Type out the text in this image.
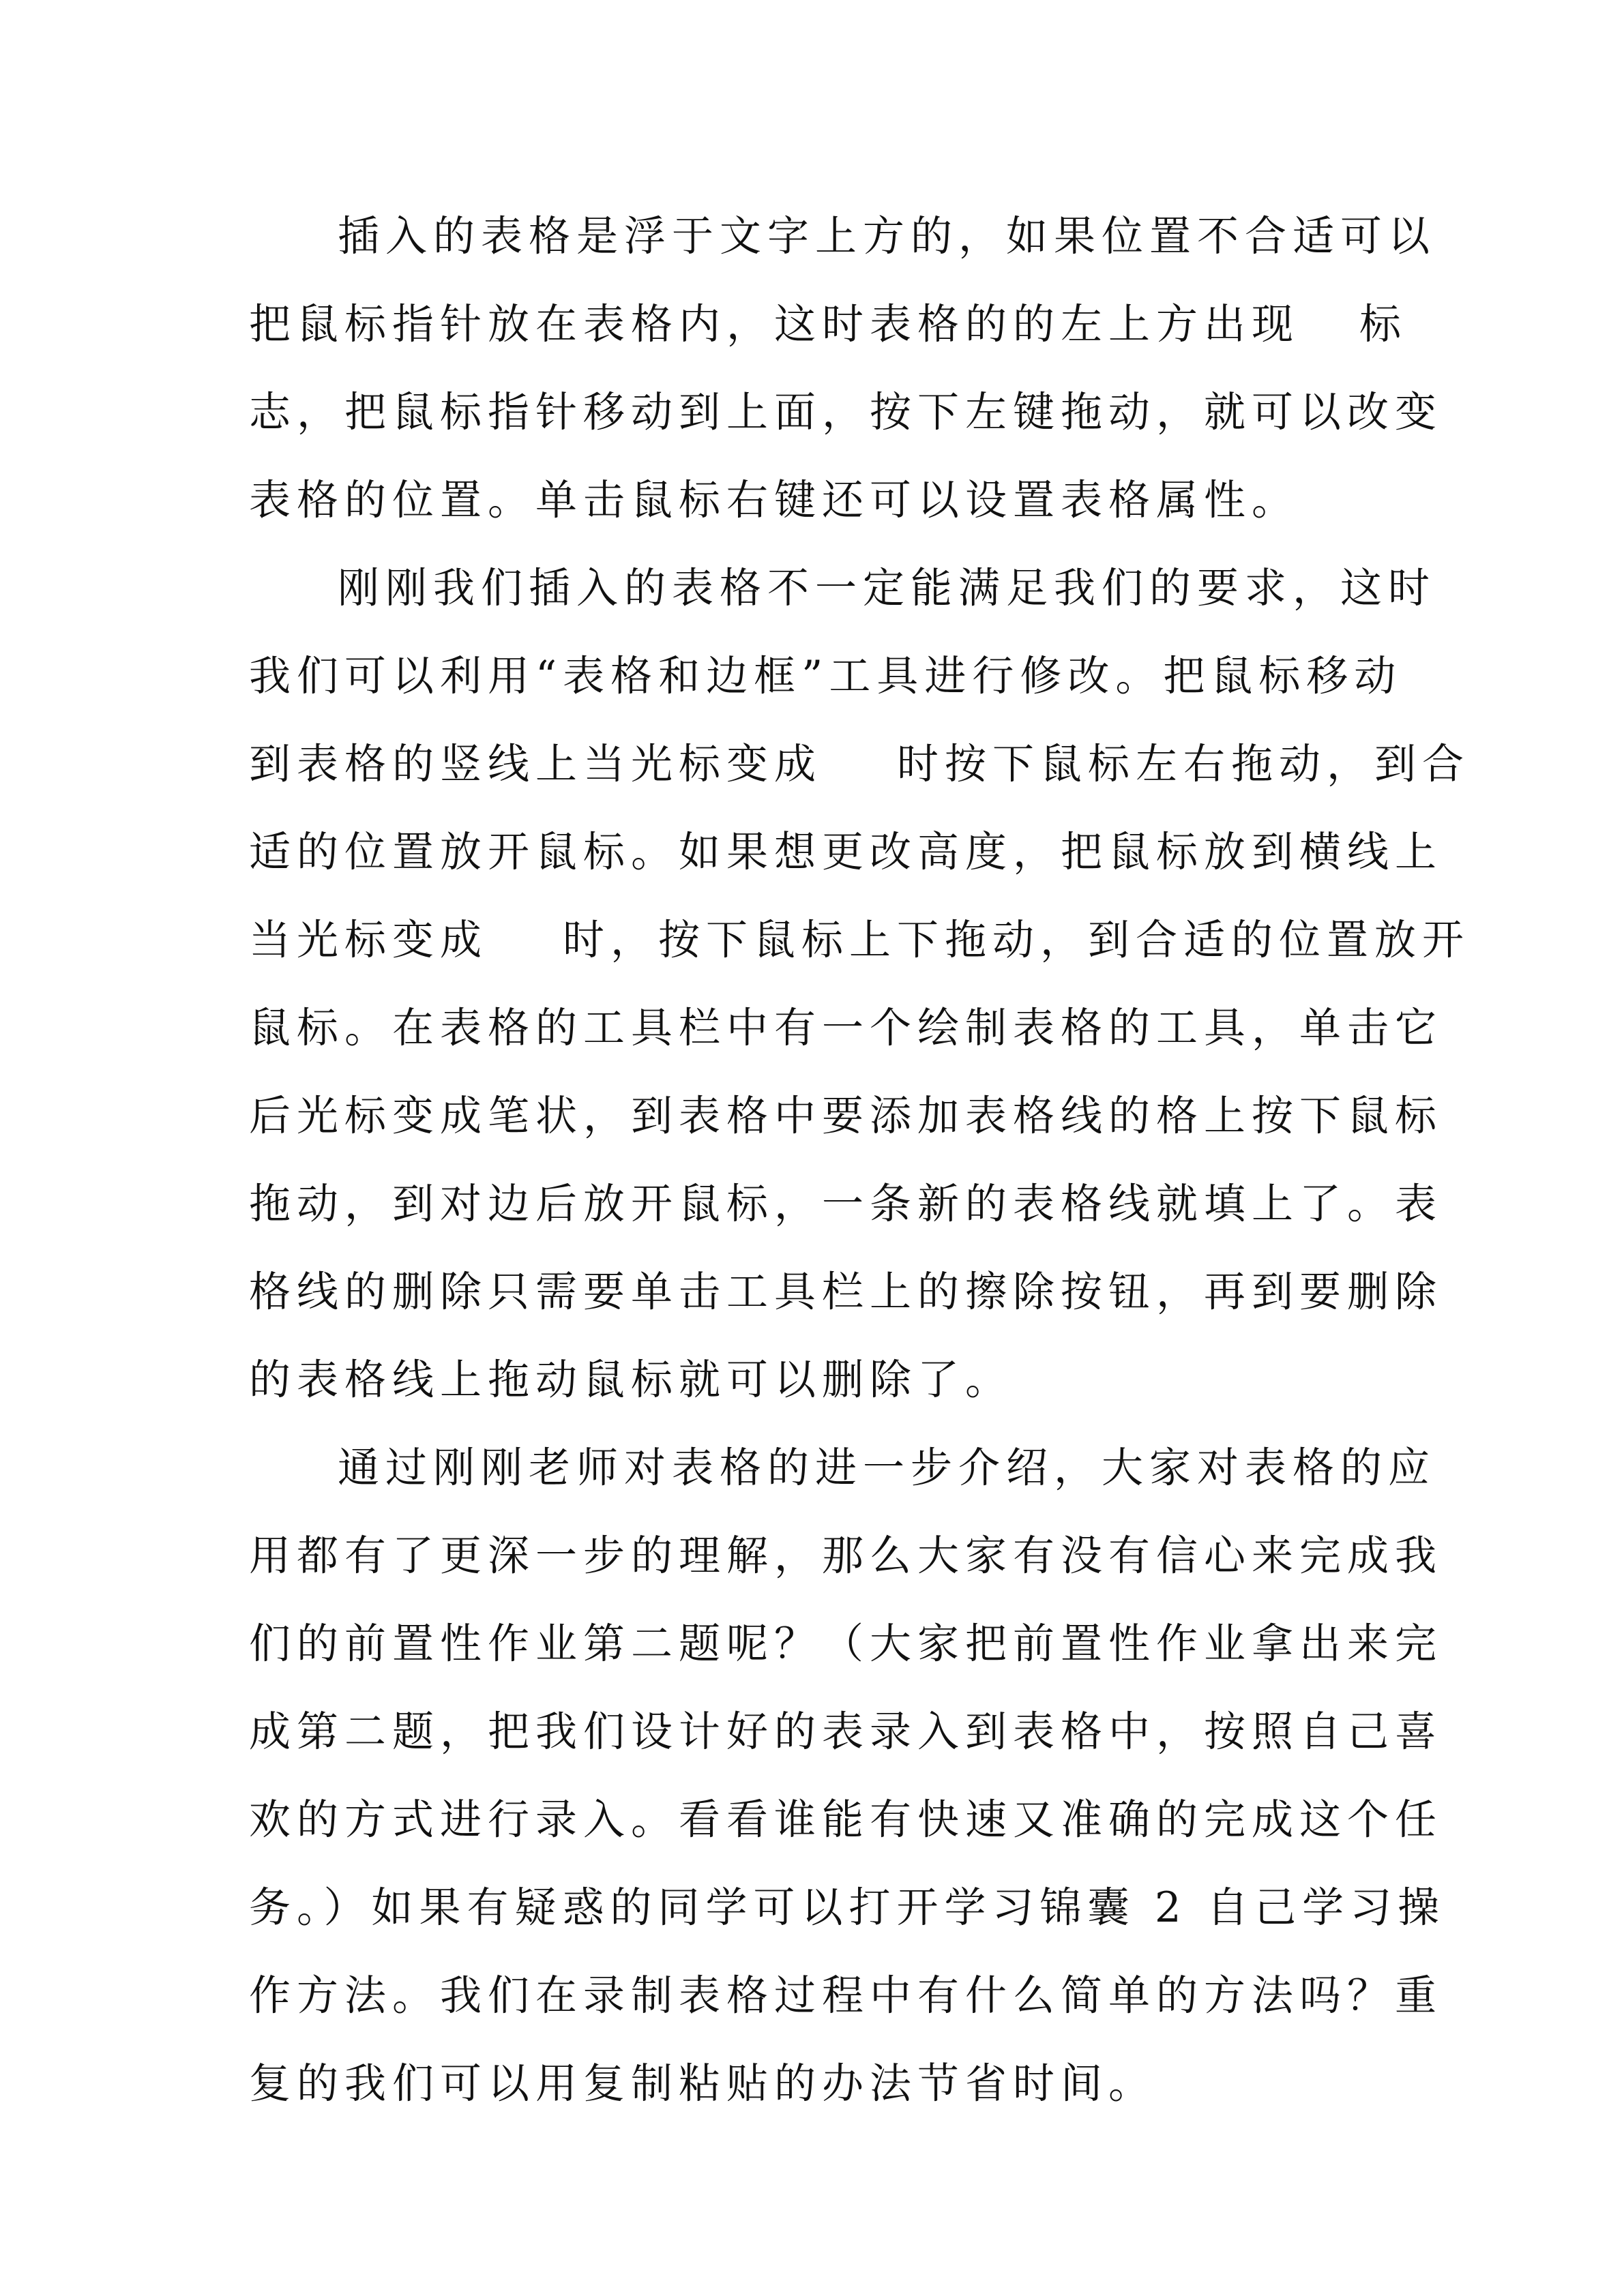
插入的表格是浮于文字上方的，如果位置不合适可以
把鼠标指针放在表格内，这时表格的的左上方出现 标
志，把鼠标指针移动到上面，按下左键拖动，就可以改变
表格的位置。单击鼠标右键还可以设置表格属性。
刚刚我们插入的表格不一定能满足我们的要求，这时
我们可以利用“表格和边框”工具进行修改。把鼠标移动
到表格的竖线上当光标变成 时按下鼠标左右拖动，到合
适的位置放开鼠标。如果想更改高度，把鼠标放到横线上
当光标变成 时，按下鼠标上下拖动，到合适的位置放开
鼠标。在表格的工具栏中有一个绘制表格的工具，单击它
后光标变成笔状，到表格中要添加表格线的格上按下鼠标
拖动，到对边后放开鼠标，一条新的表格线就填上了。表
格线的删除只需要单击工具栏上的擦除按钮，再到要删除
的表格线上拖动鼠标就可以删除了。
通过刚刚老师对表格的进一步介绍，大家对表格的应
用都有了更深一步的理解，那么大家有没有信心来完成我
们的前置性作业第二题呢？（大家把前置性作业拿出来完
成第二题，把我们设计好的表录入到表格中，按照自己喜
欢的方式进行录入。看看谁能有快速又准确的完成这个任
务。）如果有疑惑的同学可以打开学习锦囊 2 自己学习操
作方法。我们在录制表格过程中有什么简单的方法吗？重
复的我们可以用复制粘贴的办法节省时间。
